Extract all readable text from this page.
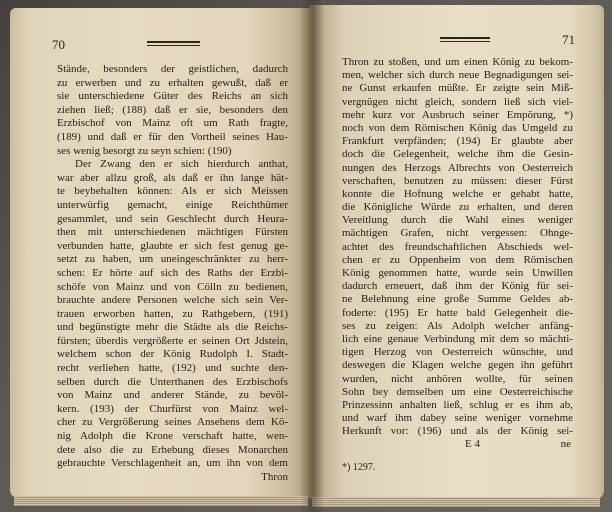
70	71
Stände, besonders der geistlichen, dadurch
zu erwerben und zu erhalten gewußt, daß er
sie unterschiedene Güter des Reichs an sich
ziehen ließ; (188) daß er sie, besonders den
Erzbischof von Mainz oft um Rath fragte,
(189) und daß er für den Vortheil seines Hau-
ses wenig besorgt zu seyn schien: (190)
Der Zwang den er sich hierdurch anthat,
war aber allzu groß, als daß er ihn lange hät-
te beybehalten können: Als er sich Meissen
unterwürfig gemacht, einige Reichthümer
gesammlet, und sein Geschlecht durch Heura-
then mit unterschiedenen mächtigen Fürsten
verbunden hatte, glaubte er sich fest genug ge-
setzt zu haben, um uneingeschränkter zu herr-
schen: Er hörte auf sich des Raths der Erzbi-
schöfe von Mainz und von Cölln zu bedienen,
brauchte andere Personen welche sich sein Ver-
trauen erworben hatten, zu Rathgebern, (191)
und begünstigte mehr die Städte als die Reichs-
fürsten; überdis vergrößerte er seinen Ort Jdstein,
welchem schon der König Rudolph I. Stadt-
recht verliehen hatte, (192) und suchte den-
selben durch die Unterthanen des Erzbischofs
von Mainz und anderer Stände, zu bevöl-
kern. (193) der Churfürst von Mainz wel-
cher zu Vergrößerung seines Ansehens dem Kö-
nig Adolph die Krone verschaft hatte, wen-
dete also die zu Erhebung dieses Monarchen
gebrauchte Verschlagenheit an, um ihn von dem
Thron
Thron zu stoßen, und um einen König zu bekom-
men, welcher sich durch neue Begnadigungen sei-
ne Gunst erkaufen müßte. Er zeigte sein Miß-
vergnügen nicht gleich, sondern ließ sich viel-
mehr kurz vor Ausbruch seiner Empörung, *)
noch von dem Römischen König das Umgeld zu
Frankfurt verpfänden; (194) Er glaubte aber
doch die Gelegenheit, welche ihm die Gesin-
nungen des Herzogs Albrechts von Oesterreich
verschaften, benutzen zu müssen: dieser Fürst
konnte die Hofnung welche er gehabt hatte,
die Königliche Würde zu erhalten, und deren
Vereitlung durch die Wahl eines weniger
mächtigen Grafen, nicht vergessen: Ohnge-
achtet des freundschaftlichen Abschieds wel-
chen er zu Oppenheim von dem Römischen
König genommen hatte, wurde sein Unwillen
dadurch erneuert, daß ihm der König für sei-
ne Belehnung eine große Summe Geldes ab-
foderte: (195) Er hatte bald Gelegenheit die-
ses zu zeigen: Als Adolph welcher anfäng-
lich eine genaue Verbindung mit dem so mächti-
tigen Herzog von Oesterreich wünschte, und
deswegen die Klagen welche gegen ihn geführt
wurden, nicht anhören wollte, für seinen
Sohn bey demselben um eine Oesterreichische
Prinzessinn anhalten ließ, schlug er es ihm ab,
und warf ihm dabey seine weniger vornehme
Herkunft vor: (196) und als der König sei-
E 4	ne
*) 1297.
